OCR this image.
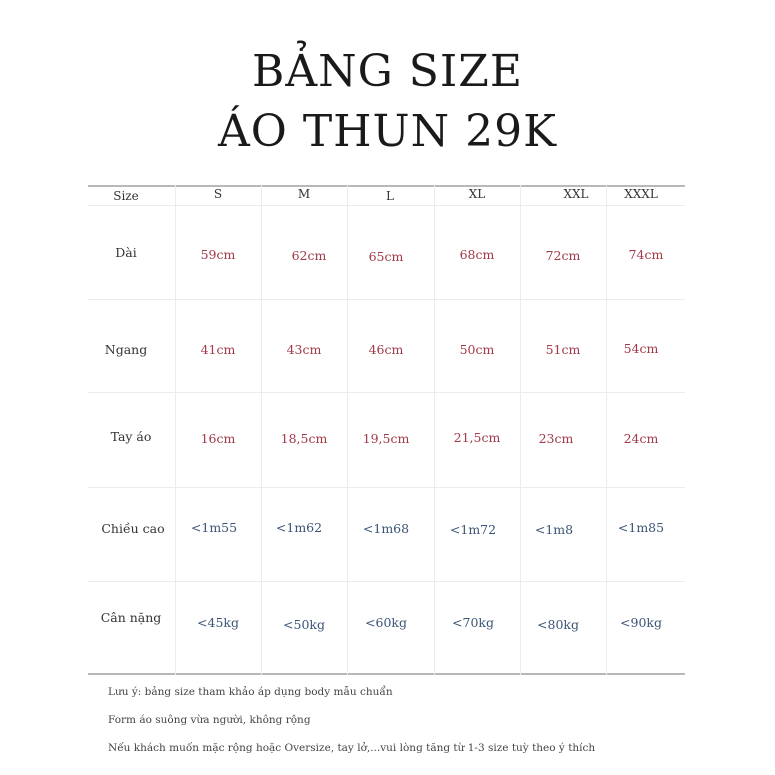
BẢNG SIZE
ÁO THUN 29K
Size	S	M	L	XL	XXL	XXXL
Dài	59cm	62cm	65cm	68cm	72cm	74cm
Ngang	41cm	43cm	46cm	50cm	51cm	54cm
Tay áo	16cm	18,5cm	19,5cm	21,5cm	23cm	24cm
Chiều cao	<1m55	<1m62	<1m68	<1m72	<1m8	<1m85
Cân nặng	<45kg	<50kg	<60kg	<70kg	<80kg	<90kg
Lưu ý: bảng size tham khảo áp dụng body mẫu chuẩn
Form áo suông vừa người, không rộng
Nếu khách muốn mặc rộng hoặc Oversize, tay lở,...vui lòng tăng từ 1-3 size tuỳ theo ý thích
